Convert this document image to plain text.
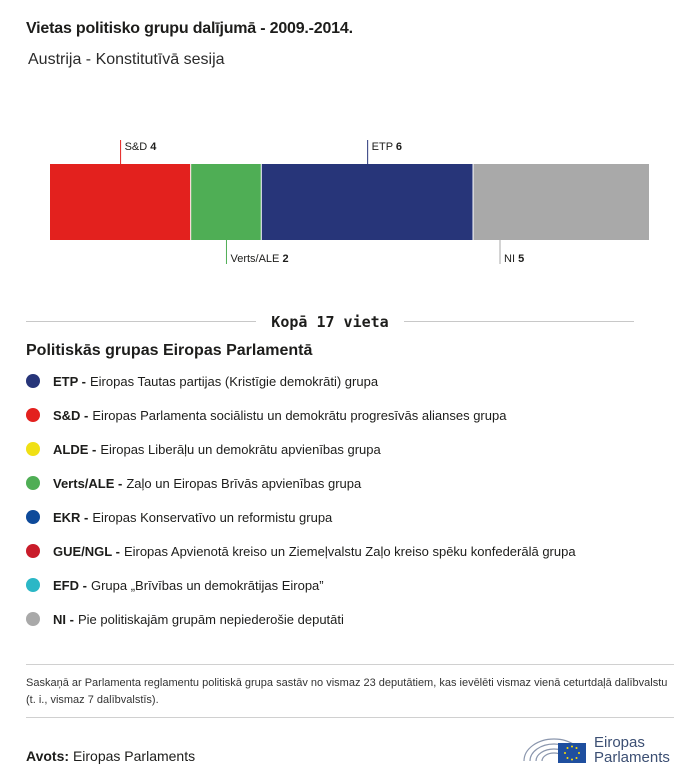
Vietas politisko grupu dalījumā - 2009.-2014.
Austrija - Konstitutīvā sesija
S&D 4
Verts/ALE 2
ETP 6
NI 5
Kopā 17 vieta
Politiskās grupas Eiropas Parlamentā
ETP - Eiropas Tautas partijas (Kristīgie demokrāti) grupa
S&D - Eiropas Parlamenta sociālistu un demokrātu progresīvās alianses grupa
ALDE - Eiropas Liberāļu un demokrātu apvienības grupa
Verts/ALE - Zaļo un Eiropas Brīvās apvienības grupa
EKR - Eiropas Konservatīvo un reformistu grupa
GUE/NGL - Eiropas Apvienotā kreiso un Ziemeļvalstu Zaļo kreiso spēku konfederālā grupa
EFD - Grupa „Brīvības un demokrātijas Eiropa”
NI - Pie politiskajām grupām nepiederošie deputāti
Saskaņā ar Parlamenta reglamentu politiskā grupa sastāv no vismaz 23 deputātiem, kas ievēlēti vismaz vienā ceturtdaļā dalībvalstu (t. i., vismaz 7 dalībvalstīs).
Avots: Eiropas Parlaments
Eiropas
Parlaments
